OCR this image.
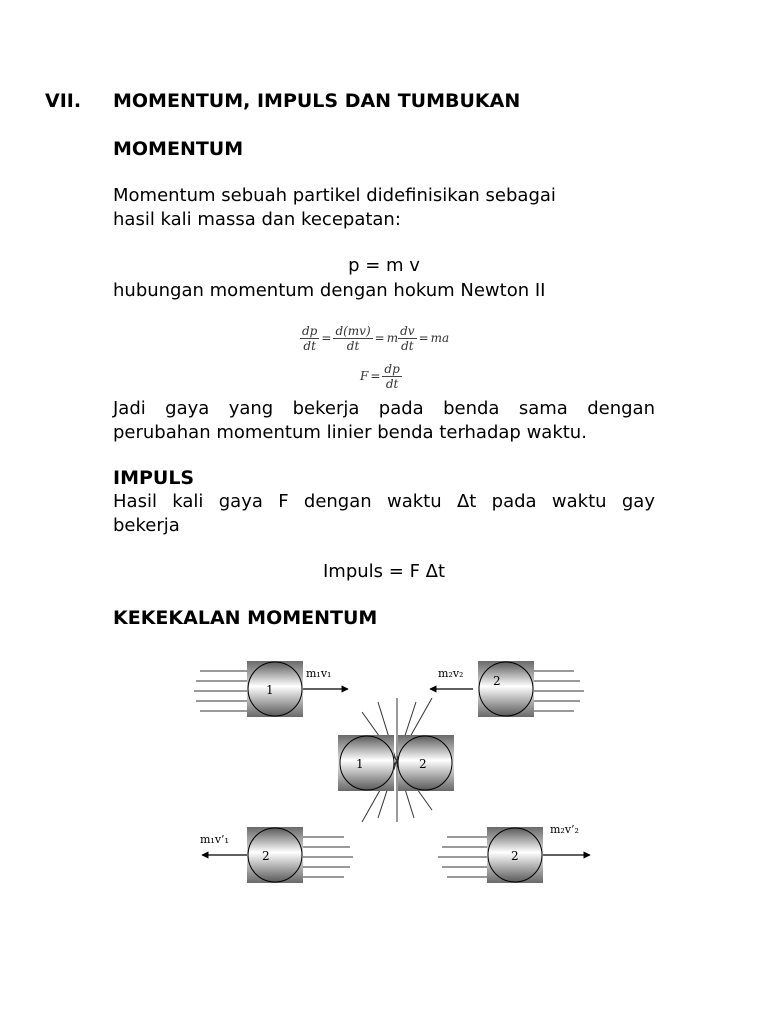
VII. MOMENTUM, IMPULS DAN TUMBUKAN
MOMENTUM
Momentum sebuah partikel didefinisikan sebagai
hasil kali massa dan kecepatan:
p = m v
hubungan momentum dengan hokum Newton II
$\frac{dp}{dt} = \frac{d(mv)}{dt} = m \frac{dv}{dt}$ = ma
$F = \frac{dp}{dt}$
Jadi gaya yang bekerja pada benda sama dengan
perubahan momentum linier benda terhadap waktu.
IMPULS
Hasil kali gaya F dengan waktu Δt pada waktu gay
bekerja
Impuls = F Δt
KEKEKALAN MOMENTUM
1
m₁v₁	m₂v₂
2
1	2
m₁v’₁
2	2
m₂v’₂
